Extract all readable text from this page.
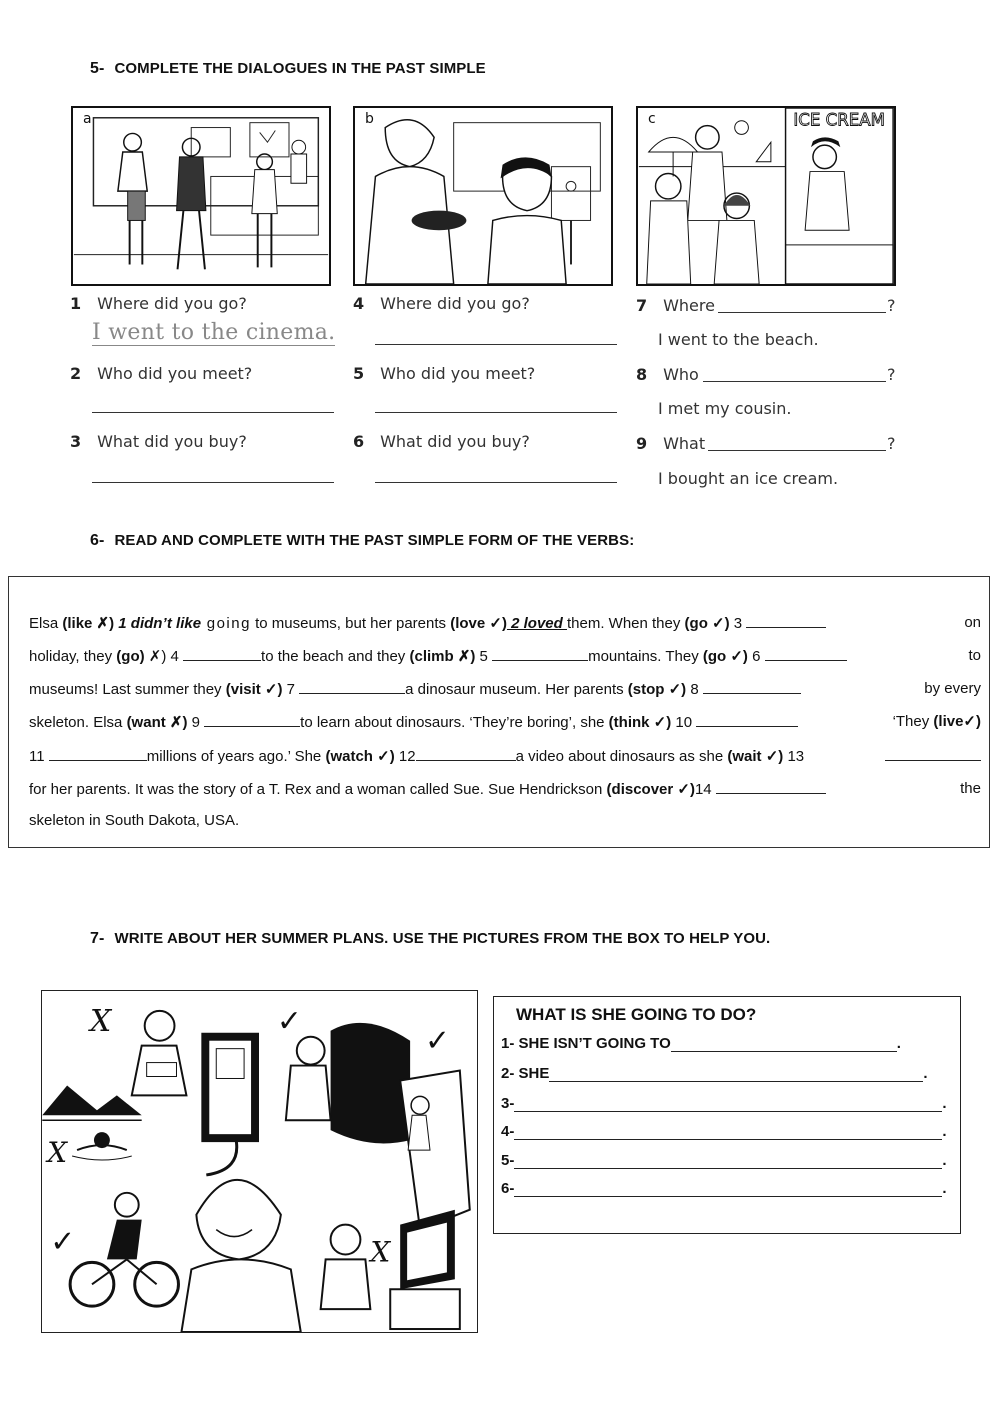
5- COMPLETE THE DIALOGUES IN THE PAST SIMPLE
a	b	ICE CREAM
c
1 Where did you go?
I went to the cinema.
2 Who did you meet?
3 What did you buy?
4 Where did you go?
5 Who did you meet?
6 What did you buy?
7 Where	?
I went to the beach.
8 Who	?
I met my cousin.
9 What	?
I bought an ice cream.
6- READ AND COMPLETE WITH THE PAST SIMPLE FORM OF THE VERBS:
Elsa (like ✗) 1 didn’t like going to museums, but her parents (love ✓) 2 loved them. When they (go ✓) 3	on
holiday, they (go) ✗) 4	to the beach and they (climb ✗) 5	mountains. They (go ✓) 6	to
museums! Last summer they (visit ✓) 7	a dinosaur museum. Her parents (stop ✓) 8	by every
skeleton. Elsa (want ✗) 9	to learn about dinosaurs. ‘They’re boring’, she (think ✓) 10	‘They (live✓)
11	millions of years ago.’ She (watch ✓) 12	a video about dinosaurs as she (wait ✓) 13
for her parents. It was the story of a T. Rex and a woman called Sue. Sue Hendrickson (discover ✓)14	the
skeleton in South Dakota, USA.
7- WRITE ABOUT HER SUMMER PLANS. USE THE PICTURES FROM THE BOX TO HELP YOU.
X
X
X
✓
✓
✓
WHAT IS SHE GOING TO DO?
1- SHE ISN’T GOING TO	.
2- SHE	.
3-	.
4-	.
5-	.
6-	.
